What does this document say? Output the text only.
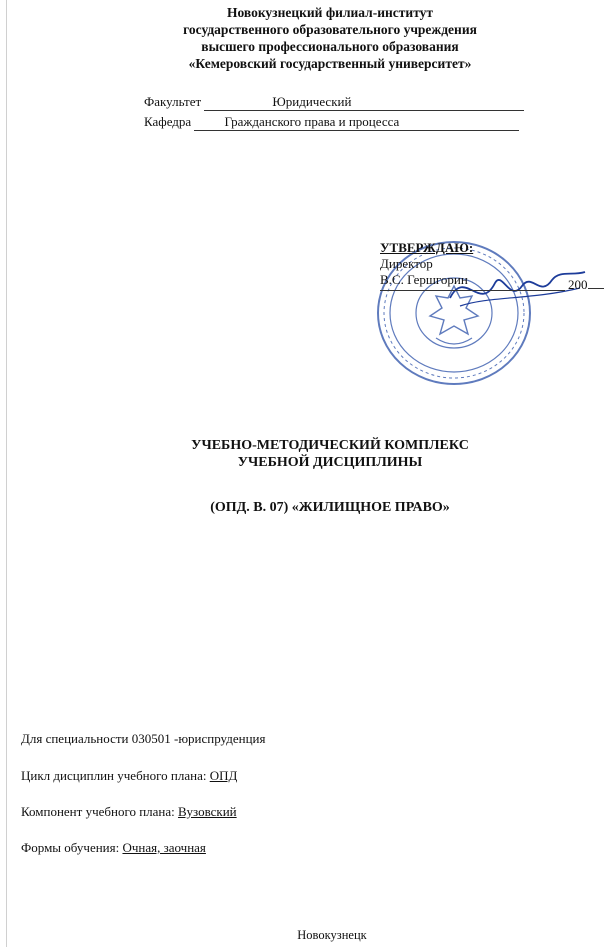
Новокузнецкий филиал-институт
государственного образовательного учреждения
высшего профессионального образования
«Кемеровский государственный университет»
Факультет	Юридический
Кафедра	Гражданского права и процесса
УТВЕРЖДАЮ:
Директор
В.С. Гершгорин	200
УЧЕБНО-МЕТОДИЧЕСКИЙ КОМПЛЕКС
УЧЕБНОЙ ДИСЦИПЛИНЫ
(ОПД. В. 07) «ЖИЛИЩНОЕ ПРАВО»
Для специальности 030501 -юриспруденция
Цикл дисциплин учебного плана: ОПД
Компонент учебного плана: Вузовский
Формы обучения: Очная, заочная
Новокузнецк
